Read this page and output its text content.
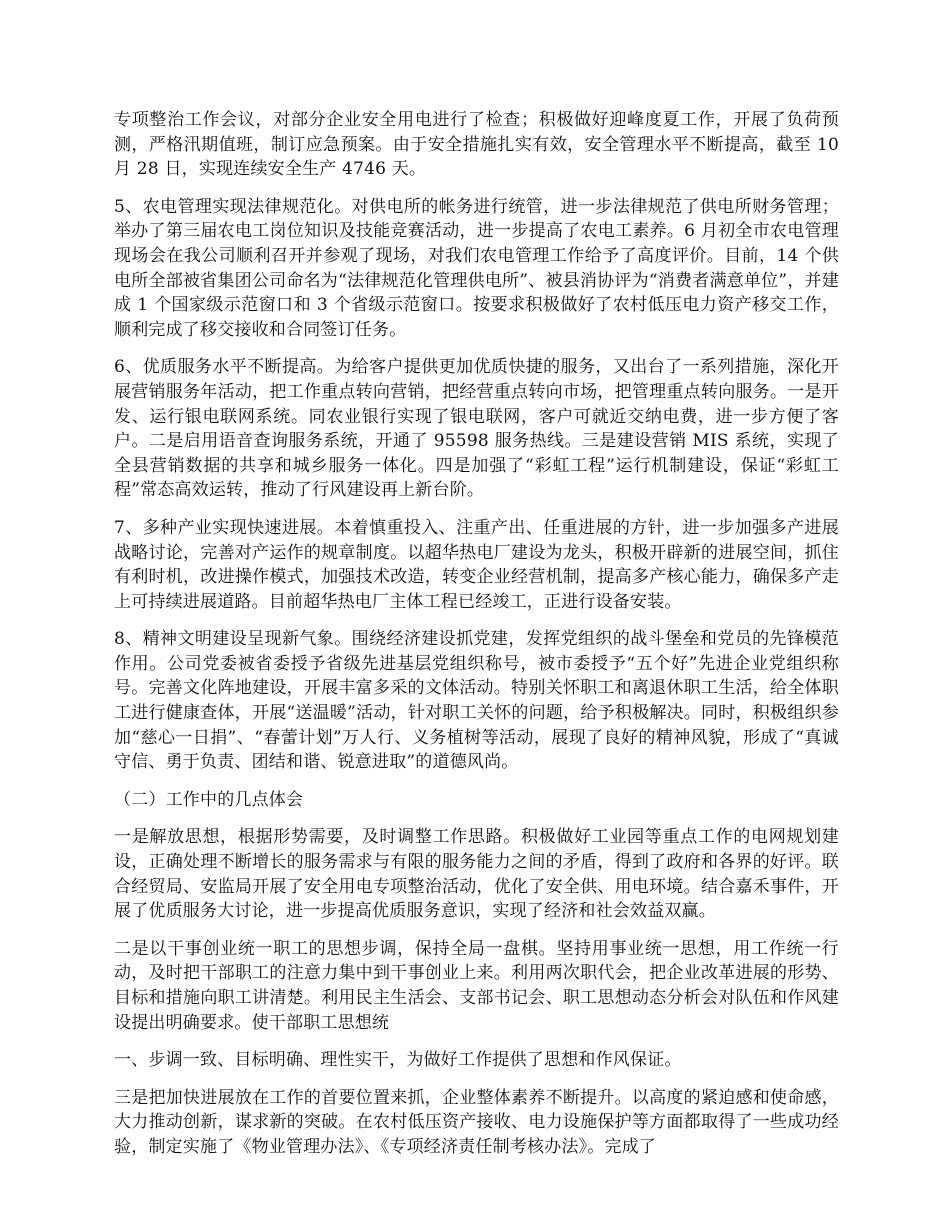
专项整治工作会议，对部分企业安全用电进行了检查；积极做好迎峰度夏工作，开展了负荷预测，严格汛期值班，制订应急预案。由于安全措施扎实有效，安全管理水平不断提高，截至 10 月 28 日，实现连续安全生产 4746 天。

5、农电管理实现法律规范化。对供电所的帐务进行统管，进一步法律规范了供电所财务管理；举办了第三届农电工岗位知识及技能竞赛活动，进一步提高了农电工素养。6 月初全市农电管理现场会在我公司顺利召开并参观了现场，对我们农电管理工作给予了高度评价。目前，14 个供电所全部被省集团公司命名为“法律规范化管理供电所”、被县消协评为“消费者满意单位”，并建成 1 个国家级示范窗口和 3 个省级示范窗口。按要求积极做好了农村低压电力资产移交工作，顺利完成了移交接收和合同签订任务。

6、优质服务水平不断提高。为给客户提供更加优质快捷的服务，又出台了一系列措施，深化开展营销服务年活动，把工作重点转向营销，把经营重点转向市场，把管理重点转向服务。一是开发、运行银电联网系统。同农业银行实现了银电联网，客户可就近交纳电费，进一步方便了客户。二是启用语音查询服务系统，开通了 95598 服务热线。三是建设营销 MIS 系统，实现了全县营销数据的共享和城乡服务一体化。四是加强了“彩虹工程”运行机制建设，保证“彩虹工程”常态高效运转，推动了行风建设再上新台阶。

7、多种产业实现快速进展。本着慎重投入、注重产出、任重进展的方针，进一步加强多产进展战略讨论，完善对产运作的规章制度。以超华热电厂建设为龙头，积极开辟新的进展空间，抓住有利时机，改进操作模式，加强技术改造，转变企业经营机制，提高多产核心能力，确保多产走上可持续进展道路。目前超华热电厂主体工程已经竣工，正进行设备安装。

8、精神文明建设呈现新气象。围绕经济建设抓党建，发挥党组织的战斗堡垒和党员的先锋模范作用。公司党委被省委授予省级先进基层党组织称号，被市委授予“五个好”先进企业党组织称号。完善文化阵地建设，开展丰富多采的文体活动。特别关怀职工和离退休职工生活，给全体职工进行健康查体，开展“送温暖”活动，针对职工关怀的问题，给予积极解决。同时，积极组织参加“慈心一日捐”、“春蕾计划”万人行、义务植树等活动，展现了良好的精神风貌，形成了“真诚守信、勇于负责、团结和谐、锐意进取”的道德风尚。

（二）工作中的几点体会

一是解放思想，根据形势需要，及时调整工作思路。积极做好工业园等重点工作的电网规划建设，正确处理不断增长的服务需求与有限的服务能力之间的矛盾，得到了政府和各界的好评。联合经贸局、安监局开展了安全用电专项整治活动，优化了安全供、用电环境。结合嘉禾事件，开展了优质服务大讨论，进一步提高优质服务意识，实现了经济和社会效益双赢。

二是以干事创业统一职工的思想步调，保持全局一盘棋。坚持用事业统一思想，用工作统一行动，及时把干部职工的注意力集中到干事创业上来。利用两次职代会，把企业改革进展的形势、目标和措施向职工讲清楚。利用民主生活会、支部书记会、职工思想动态分析会对队伍和作风建设提出明确要求。使干部职工思想统

一、步调一致、目标明确、理性实干，为做好工作提供了思想和作风保证。

三是把加快进展放在工作的首要位置来抓，企业整体素养不断提升。以高度的紧迫感和使命感，大力推动创新，谋求新的突破。在农村低压资产接收、电力设施保护等方面都取得了一些成功经验，制定实施了《物业管理办法》、《专项经济责任制考核办法》。完成了
